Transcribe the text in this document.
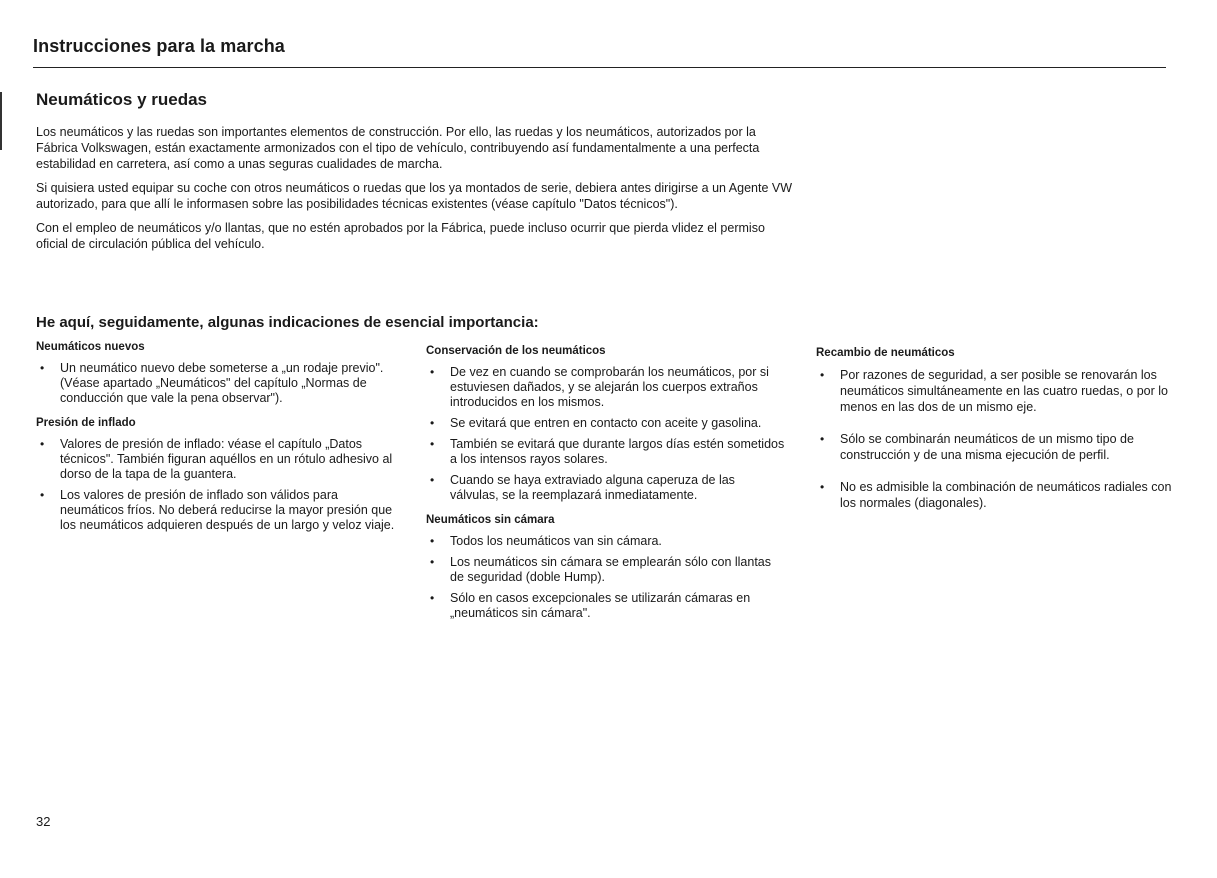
Instrucciones para la marcha
Neumáticos y ruedas

Los neumáticos y las ruedas son importantes elementos de construcción. Por ello, las ruedas y los neumáticos, autorizados por la Fábrica Volkswagen, están exactamente armonizados con el tipo de vehículo, contribuyendo así fundamentalmente a una perfecta estabilidad en carretera, así como a unas seguras cualidades de marcha.

Si quisiera usted equipar su coche con otros neumáticos o ruedas que los ya montados de serie, debiera antes dirigirse a un Agente VW autorizado, para que allí le informasen sobre las posibilidades técnicas existentes (véase capítulo "Datos técnicos").

Con el empleo de neumáticos y/o llantas, que no estén aprobados por la Fábrica, puede incluso ocurrir que pierda vlidez el permiso oficial de circulación pública del vehículo.

He aquí, seguidamente, algunas indicaciones de esencial importancia:
Neumáticos nuevos
• Un neumático nuevo debe someterse a „un rodaje previo". (Véase apartado „Neumáticos" del capítulo „Normas de conducción que vale la pena observar").
Presión de inflado
• Valores de presión de inflado: véase el capítulo „Datos técnicos". También figuran aquéllos en un rótulo adhesivo al dorso de la tapa de la guantera.
• Los valores de presión de inflado son válidos para neumáticos fríos. No deberá reducirse la mayor presión que los neumáticos adquieren después de un largo y veloz viaje.
Conservación de los neumáticos
• De vez en cuando se comprobarán los neumáticos, por si estuviesen dañados, y se alejarán los cuerpos extraños introducidos en los mismos.
• Se evitará que entren en contacto con aceite y gasolina.
• También se evitará que durante largos días estén sometidos a los intensos rayos solares.
• Cuando se haya extraviado alguna caperuza de las válvulas, se la reemplazará inmediatamente.
Neumáticos sin cámara
• Todos los neumáticos van sin cámara.
• Los neumáticos sin cámara se emplearán sólo con llantas de seguridad (doble Hump).
• Sólo en casos excepcionales se utilizarán cámaras en „neumáticos sin cámara".
Recambio de neumáticos
• Por razones de seguridad, a ser posible se renovarán los neumáticos simultáneamente en las cuatro ruedas, o por lo menos en las dos de un mismo eje.
• Sólo se combinarán neumáticos de un mismo tipo de construcción y de una misma ejecución de perfil.
• No es admisible la combinación de neumáticos radiales con los normales (diagonales).
32
